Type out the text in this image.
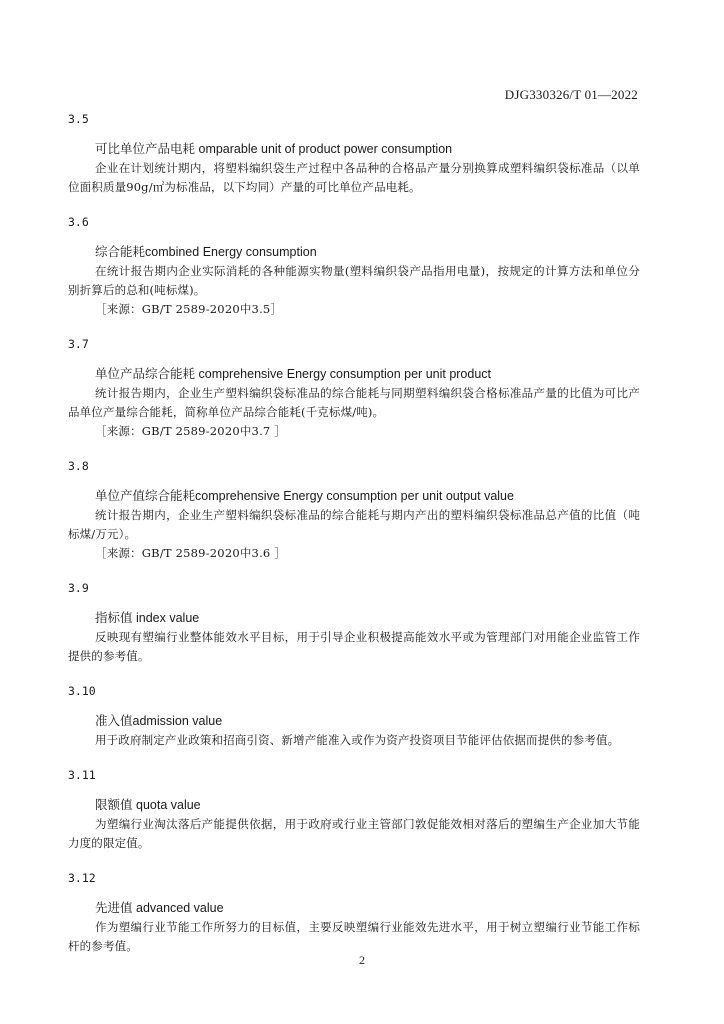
DJG330326/T 01—2022
3.5
可比单位产品电耗 omparable unit of product power consumption
企业在计划统计期内，将塑料编织袋生产过程中各品种的合格品产量分别换算成塑料编织袋标准品（以单位面积质量90g/㎡为标准品，以下均同）产量的可比单位产品电耗。
3.6
综合能耗combined Energy consumption
在统计报告期内企业实际消耗的各种能源实物量(塑料编织袋产品指用电量)，按规定的计算方法和单位分别折算后的总和(吨标煤)。
［来源：GB/T 2589-2020中3.5］
3.7
单位产品综合能耗 comprehensive Energy consumption per unit product
统计报告期内，企业生产塑料编织袋标准品的综合能耗与同期塑料编织袋合格标准品产量的比值为可比产品单位产量综合能耗，简称单位产品综合能耗(千克标煤/吨)。
［来源：GB/T 2589-2020中3.7 ］
3.8
单位产值综合能耗comprehensive Energy consumption per unit output value
统计报告期内，企业生产塑料编织袋标准品的综合能耗与期内产出的塑料编织袋标准品总产值的比值（吨标煤/万元）。
［来源：GB/T 2589-2020中3.6 ］
3.9
指标值 index value
反映现有塑编行业整体能效水平目标，用于引导企业积极提高能效水平或为管理部门对用能企业监管工作提供的参考值。
3.10
准入值admission value
用于政府制定产业政策和招商引资、新增产能准入或作为资产投资项目节能评估依据而提供的参考值。
3.11
限额值 quota value
为塑编行业淘汰落后产能提供依据，用于政府或行业主管部门敦促能效相对落后的塑编生产企业加大节能力度的限定值。
3.12
先进值 advanced value
作为塑编行业节能工作所努力的目标值，主要反映塑编行业能效先进水平，用于树立塑编行业节能工作标杆的参考值。
2
